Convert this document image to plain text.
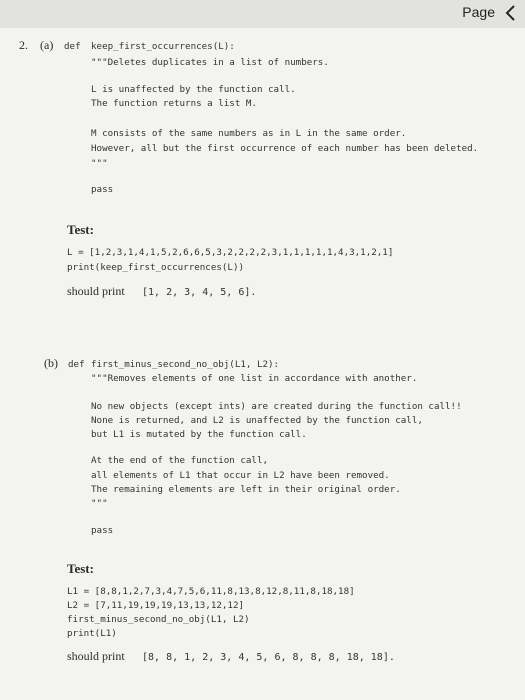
Page
2. (a) def keep_first_occurrences(L):
"""Deletes duplicates in a list of numbers.
L is unaffected by the function call.
The function returns a list M.
M consists of the same numbers as in L in the same order.
However, all but the first occurrence of each number has been deleted.
"""
pass
Test:
L = [1,2,3,1,4,1,5,2,6,6,5,3,2,2,2,2,3,1,1,1,1,1,4,3,1,2,1]
print(keep_first_occurrences(L))
should print [1, 2, 3, 4, 5, 6].
(b) def first_minus_second_no_obj(L1, L2):
"""Removes elements of one list in accordance with another.
No new objects (except ints) are created during the function call!!
None is returned, and L2 is unaffected by the function call,
but L1 is mutated by the function call.
At the end of the function call,
all elements of L1 that occur in L2 have been removed.
The remaining elements are left in their original order.
"""
pass
Test:
L1 = [8,8,1,2,7,3,4,7,5,6,11,8,13,8,12,8,11,8,18,18]
L2 = [7,11,19,19,19,13,13,12,12]
first_minus_second_no_obj(L1, L2)
print(L1)
should print [8, 8, 1, 2, 3, 4, 5, 6, 8, 8, 8, 18, 18].
